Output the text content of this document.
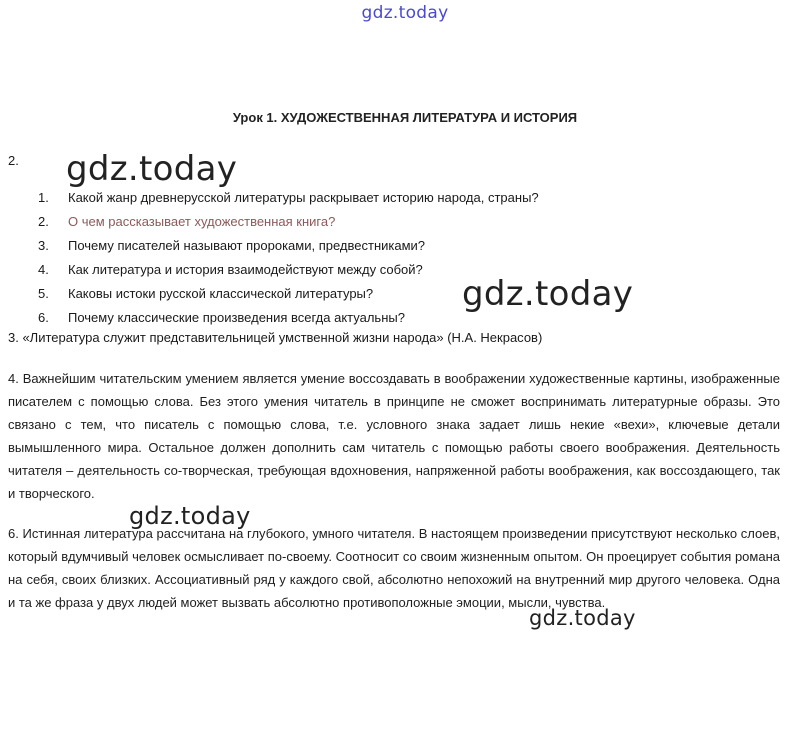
gdz.today
Урок 1. ХУДОЖЕСТВЕННАЯ ЛИТЕРАТУРА И ИСТОРИЯ
2.
1.	Какой жанр древнерусской литературы раскрывает историю народа, страны?
2.	О чем рассказывает художественная книга?
3.	Почему писателей называют пророками, предвестниками?
4.	Как литература и история взаимодействуют между собой?
5.	Каковы истоки русской классической литературы?
6.	Почему классические произведения всегда актуальны?
3. «Литература служит представительницей умственной жизни народа» (Н.А. Некрасов)

4. Важнейшим читательским умением является умение воссоздавать в воображении художественные картины, изображенные писателем с помощью слова. Без этого умения читатель в принципе не сможет воспринимать литературные образы. Это связано с тем, что писатель с помощью слова, т.е. условного знака задает лишь некие «вехи», ключевые детали вымышленного мира. Остальное должен дополнить сам читатель с помощью работы своего воображения. Деятельность читателя – деятельность со-творческая, требующая вдохновения, напряженной работы воображения, как воссоздающего, так и творческого.

6. Истинная литература рассчитана на глубокого, умного читателя. В настоящем произведении присутствуют несколько слоев, который вдумчивый человек осмысливает по-своему. Соотносит со своим жизненным опытом. Он проецирует события романа на себя, своих близких. Ассоциативный ряд у каждого свой, абсолютно непохожий на внутренний мир другого человека. Одна и та же фраза у двух людей может вызвать абсолютно противоположные эмоции, мысли, чувства.

gdz.today
gdz.today
gdz.today
gdz.today
